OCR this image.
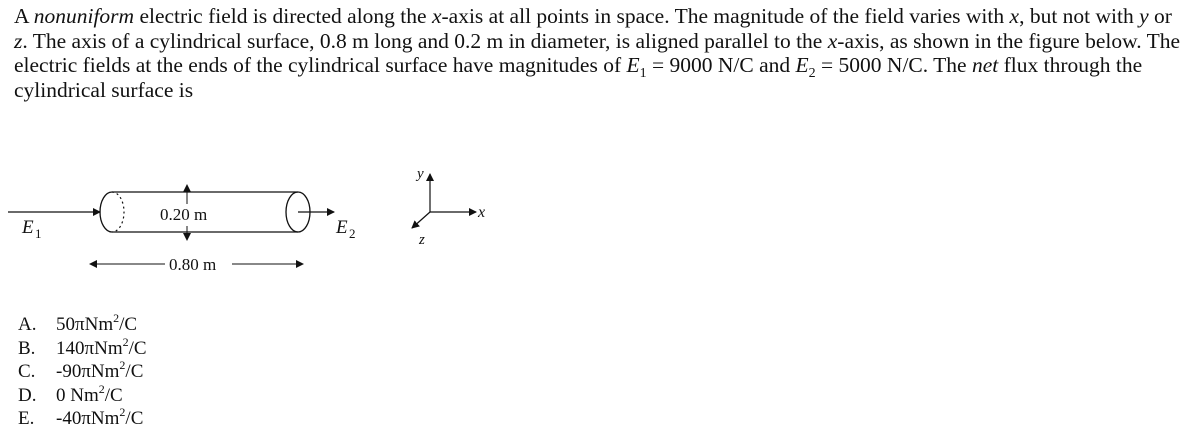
A nonuniform electric field is directed along the x-axis at all points in space. The magnitude of the field varies with x, but not with y or z. The axis of a cylindrical surface, 0.8 m long and 0.2 m in diameter, is aligned parallel to the x-axis, as shown in the figure below. The electric fields at the ends of the cylindrical surface have magnitudes of $E_1 = 9000$ N/C and $E_2 = 5000$ N/C. The net flux through the cylindrical surface is

0.20 m
0.80 m
E 1	E 2
y
x
z
A.	50πNm$^2$/C
B.	140πNm$^2$/C
C.	-90πNm$^2$/C
D.	0 Nm$^2$/C
E.	-40πNm$^2$/C
